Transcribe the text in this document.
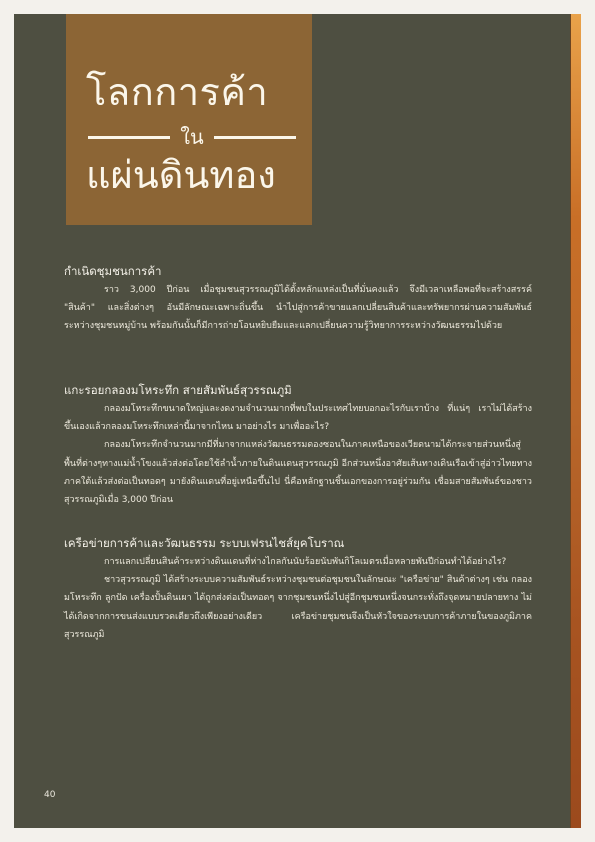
โลกการค้า
ใน
แผ่นดินทอง
กำเนิดชุมชนการค้า

ราว 3,000 ปีก่อน เมื่อชุมชนสุวรรณภูมิได้ตั้งหลักแหล่งเป็นที่มั่นคงแล้ว จึงมีเวลาเหลือพอที่จะสร้างสรรค์ "สินค้า" และสิ่งต่างๆ อันมีลักษณะเฉพาะถิ่นขึ้น นำไปสู่การค้าขายแลกเปลี่ยนสินค้าและทรัพยากรผ่านความสัมพันธ์ระหว่างชุมชนหมู่บ้าน พร้อมกันนั้นก็มีการถ่ายโอนหยิบยืมและแลกเปลี่ยนความรู้วิทยาการระหว่างวัฒนธรรมไปด้วย

แกะรอยกลองมโหระทึก สายสัมพันธ์สุวรรณภูมิ

กลองมโหระทึกขนาดใหญ่และงดงามจำนวนมากที่พบในประเทศไทยบอกอะไรกับเราบ้าง ที่แน่ๆ เราไม่ได้สร้างขึ้นเองแล้วกลองมโหระทึกเหล่านี้มาจากไหน มาอย่างไร มาเพื่ออะไร?

กลองมโหระทึกจำนวนมากมีที่มาจากแหล่งวัฒนธรรมดองซอนในภาคเหนือของเวียดนามได้กระจายส่วนหนึ่งสู่พื้นที่ต่างๆทางแม่น้ำโขงแล้วส่งต่อโดยใช้ลำน้ำภายในดินแดนสุวรรณภูมิ อีกส่วนหนึ่งอาศัยเส้นทางเดินเรือเข้าสู่อ่าวไทยทางภาคใต้แล้วส่งต่อเป็นทอดๆ มายังดินแดนที่อยู่เหนือขึ้นไป นี่คือหลักฐานชิ้นเอกของการอยู่ร่วมกัน เชื่อมสายสัมพันธ์ของชาวสุวรรณภูมิเมื่อ 3,000 ปีก่อน

เครือข่ายการค้าและวัฒนธรรม ระบบเฟรนไชส์ยุคโบราณ

การแลกเปลี่ยนสินค้าระหว่างดินแดนที่ห่างไกลกันนับร้อยนับพันกิโลเมตรเมื่อหลายพันปีก่อนทำได้อย่างไร?

ชาวสุวรรณภูมิ ได้สร้างระบบความสัมพันธ์ระหว่างชุมชนต่อชุมชนในลักษณะ "เครือข่าย" สินค้าต่างๆ เช่น กลองมโหระทึก ลูกปัด เครื่องปั้นดินเผา ได้ถูกส่งต่อเป็นทอดๆ จากชุมชนหนึ่งไปสู่อีกชุมชนหนึ่งจนกระทั่งถึงจุดหมายปลายทาง ไม่ได้เกิดจากการขนส่งแบบรวดเดียวถึงเพียงอย่างเดียว เครือข่ายชุมชนจึงเป็นหัวใจของระบบการค้าภายในของภูมิภาคสุวรรณภูมิ

40
